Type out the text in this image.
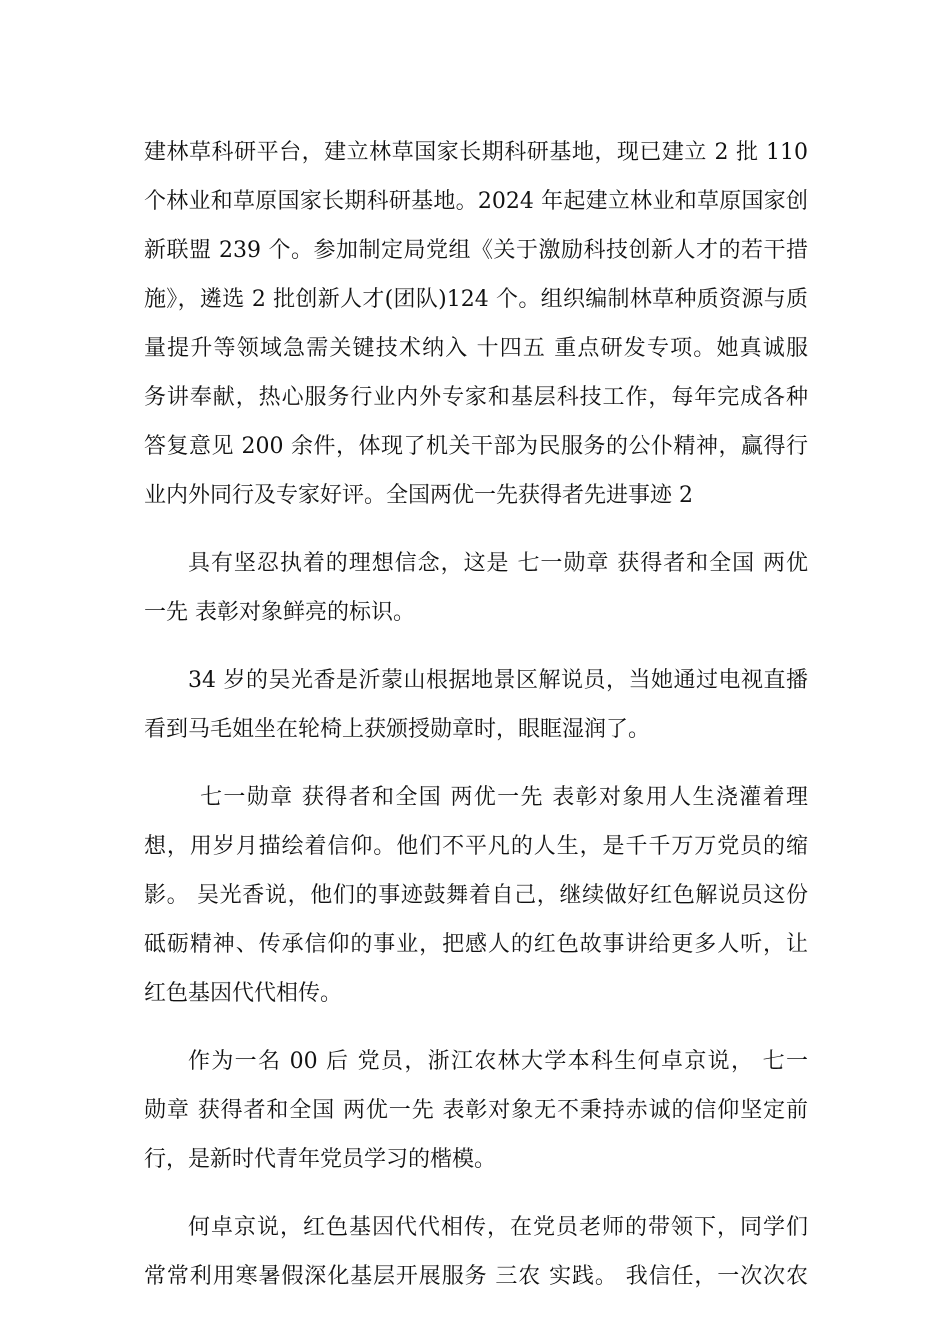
建林草科研平台，建立林草国家长期科研基地，现已建立 2 批 110
个林业和草原国家长期科研基地。2024 年起建立林业和草原国家创
新联盟 239 个。参加制定局党组《关于激励科技创新人才的若干措
施》，遴选 2 批创新人才(团队)124 个。组织编制林草种质资源与质
量提升等领域急需关键技术纳入 十四五 重点研发专项。她真诚服
务讲奉献，热心服务行业内外专家和基层科技工作，每年完成各种
答复意见 200 余件，体现了机关干部为民服务的公仆精神，赢得行
业内外同行及专家好评。全国两优一先获得者先进事迹 2
具有坚忍执着的理想信念，这是 七一勋章 获得者和全国 两优
一先 表彰对象鲜亮的标识。
34 岁的吴光香是沂蒙山根据地景区解说员，当她通过电视直播
看到马毛姐坐在轮椅上获颁授勋章时，眼眶湿润了。
七一勋章 获得者和全国 两优一先 表彰对象用人生浇灌着理
想，用岁月描绘着信仰。他们不平凡的人生，是千千万万党员的缩
影。 吴光香说，他们的事迹鼓舞着自己，继续做好红色解说员这份
砥砺精神、传承信仰的事业，把感人的红色故事讲给更多人听，让
红色基因代代相传。
作为一名 00 后 党员，浙江农林大学本科生何卓京说， 七一
勋章 获得者和全国 两优一先 表彰对象无不秉持赤诚的信仰坚定前
行，是新时代青年党员学习的楷模。
何卓京说，红色基因代代相传，在党员老师的带领下，同学们
常常利用寒暑假深化基层开展服务 三农 实践。 我信任，一次次农
